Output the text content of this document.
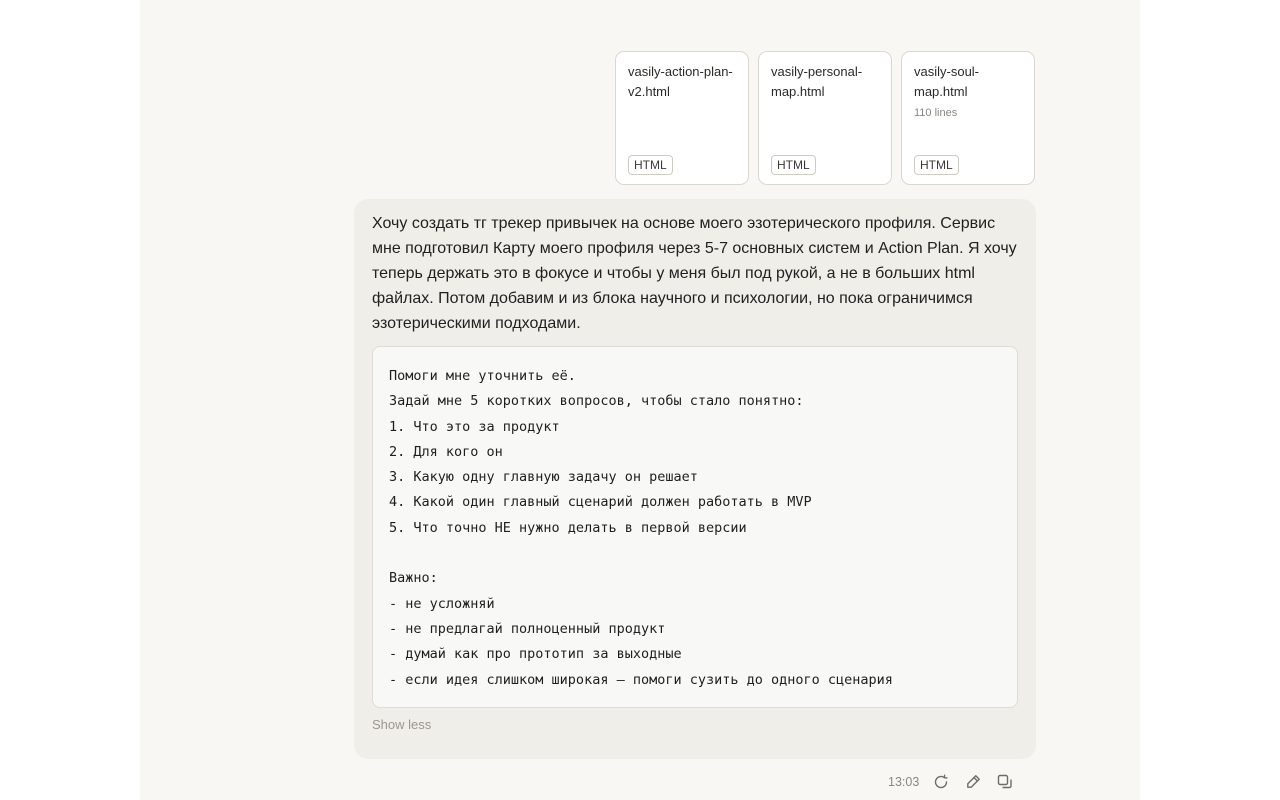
vasily-action-plan-v2.html
HTML
vasily-personal-map.html
HTML
vasily-soul-map.html
110 lines
HTML

Хочу создать тг трекер привычек на основе моего эзотерического профиля. Сервис мне подготовил Карту моего профиля через 5-7 основных систем и Action Plan. Я хочу теперь держать это в фокусе и чтобы у меня был под рукой, а не в больших html файлах. Потом добавим и из блока научного и психологии, но пока ограничимся эзотерическими подходами.

Помоги мне уточнить её.
Задай мне 5 коротких вопросов, чтобы стало понятно:
1. Что это за продукт
2. Для кого он
3. Какую одну главную задачу он решает
4. Какой один главный сценарий должен работать в MVP
5. Что точно НЕ нужно делать в первой версии

Важно:
- не усложняй
- не предлагай полноценный продукт
- думай как про прототип за выходные
- если идея слишком широкая — помоги сузить до одного сценария
Show less
13:03
